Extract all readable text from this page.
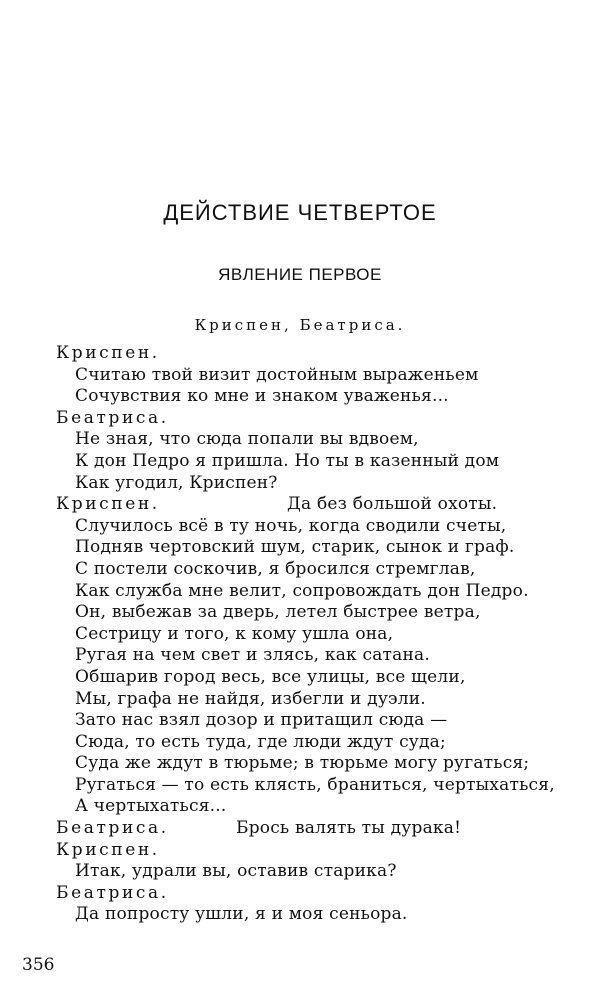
ДЕЙСТВИЕ ЧЕТВЕРТОЕ
ЯВЛЕНИЕ ПЕРВОЕ
Криспен, Беатриса.
Криспен.
Считаю твой визит достойным выраженьем
Сочувствия ко мне и знаком уваженья...
Беатриса.
Не зная, что сюда попали вы вдвоем,
К дон Педро я пришла. Но ты в казенный дом
Как угодил, Криспен?
Криспен.	Да без большой охоты.
Случилось всё в ту ночь, когда сводили счеты,
Подняв чертовский шум, старик, сынок и граф.
С постели соскочив, я бросился стремглав,
Как служба мне велит, сопровождать дон Педро.
Он, выбежав за дверь, летел быстрее ветра,
Сестрицу и того, к кому ушла она,
Ругая на чем свет и злясь, как сатана.
Обшарив город весь, все улицы, все щели,
Мы, графа не найдя, избегли и дуэли.
Зато нас взял дозор и притащил сюда —
Сюда, то есть туда, где люди ждут суда;
Суда же ждут в тюрьме; в тюрьме могу ругаться;
Ругаться — то есть клясть, браниться, чертыхаться,
А чертыхаться...
Беатриса.	Брось валять ты дурака!
Криспен.
Итак, удрали вы, оставив старика?
Беатриса.
Да попросту ушли, я и моя сеньора.
356
